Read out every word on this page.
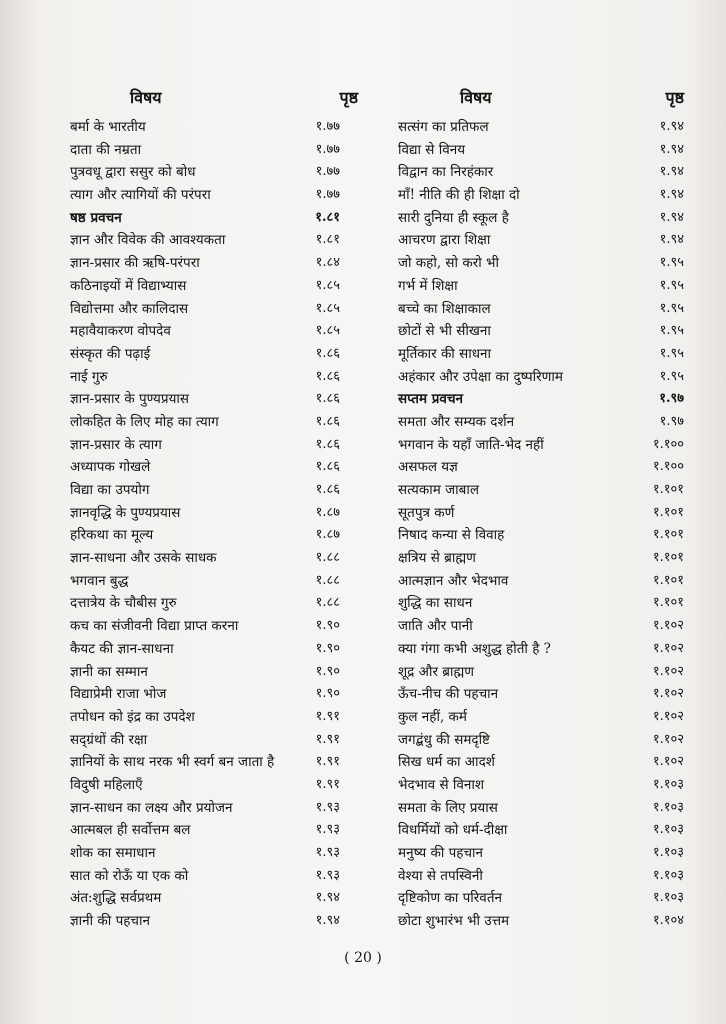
विषय	पृष्ठ
बर्मा के भारतीय	१.७७
दाता की नम्रता	१.७७
पुत्रवधू द्वारा ससुर को बोध	१.७७
त्याग और त्यागियों की परंपरा	१.७७
षष्ठ प्रवचन	१.८१
ज्ञान और विवेक की आवश्यकता	१.८१
ज्ञान-प्रसार की ऋषि-परंपरा	१.८४
कठिनाइयों में विद्याभ्यास	१.८५
विद्योत्तमा और कालिदास	१.८५
महावैयाकरण वोपदेव	१.८५
संस्कृत की पढ़ाई	१.८६
नाई गुरु	१.८६
ज्ञान-प्रसार के पुण्यप्रयास	१.८६
लोकहित के लिए मोह का त्याग	१.८६
ज्ञान-प्रसार के त्याग	१.८६
अध्यापक गोखले	१.८६
विद्या का उपयोग	१.८६
ज्ञानवृद्धि के पुण्यप्रयास	१.८७
हरिकथा का मूल्य	१.८७
ज्ञान-साधना और उसके साधक	१.८८
भगवान बुद्ध	१.८८
दत्तात्रेय के चौबीस गुरु	१.८८
कच का संजीवनी विद्या प्राप्त करना	१.९०
कैयट की ज्ञान-साधना	१.९०
ज्ञानी का सम्मान	१.९०
विद्याप्रेमी राजा भोज	१.९०
तपोधन को इंद्र का उपदेश	१.९१
सद्ग्रंथों की रक्षा	१.९१
ज्ञानियों के साथ नरक भी स्वर्ग बन जाता है	१.९१
विदुषी महिलाएँ	१.९१
ज्ञान-साधन का लक्ष्य और प्रयोजन	१.९३
आत्मबल ही सर्वोत्तम बल	१.९३
शोक का समाधान	१.९३
सात को रोऊँ या एक को	१.९३
अंत:शुद्धि सर्वप्रथम	१.९४
ज्ञानी की पहचान	१.९४
विषय	पृष्ठ
सत्संग का प्रतिफल	१.९४
विद्या से विनय	१.९४
विद्वान का निरहंकार	१.९४
माँ! नीति की ही शिक्षा दो	१.९४
सारी दुनिया ही स्कूल है	१.९४
आचरण द्वारा शिक्षा	१.९४
जो कहो, सो करो भी	१.९५
गर्भ में शिक्षा	१.९५
बच्चे का शिक्षाकाल	१.९५
छोटों से भी सीखना	१.९५
मूर्तिकार की साधना	१.९५
अहंकार और उपेक्षा का दुष्परिणाम	१.९५
सप्तम प्रवचन	१.९७
समता और सम्यक दर्शन	१.९७
भगवान के यहाँ जाति-भेद नहीं	१.१००
असफल यज्ञ	१.१००
सत्यकाम जाबाल	१.१०१
सूतपुत्र कर्ण	१.१०१
निषाद कन्या से विवाह	१.१०१
क्षत्रिय से ब्राह्मण	१.१०१
आत्मज्ञान और भेदभाव	१.१०१
शुद्धि का साधन	१.१०१
जाति और पानी	१.१०२
क्या गंगा कभी अशुद्ध होती है ?	१.१०२
शूद्र और ब्राह्मण	१.१०२
ऊँच-नीच की पहचान	१.१०२
कुल नहीं, कर्म	१.१०२
जगद्बंधु की समदृष्टि	१.१०२
सिख धर्म का आदर्श	१.१०२
भेदभाव से विनाश	१.१०३
समता के लिए प्रयास	१.१०३
विधर्मियों को धर्म-दीक्षा	१.१०३
मनुष्य की पहचान	१.१०३
वेश्या से तपस्विनी	१.१०३
दृष्टिकोण का परिवर्तन	१.१०३
छोटा शुभारंभ भी उत्तम	१.१०४
( 20 )
